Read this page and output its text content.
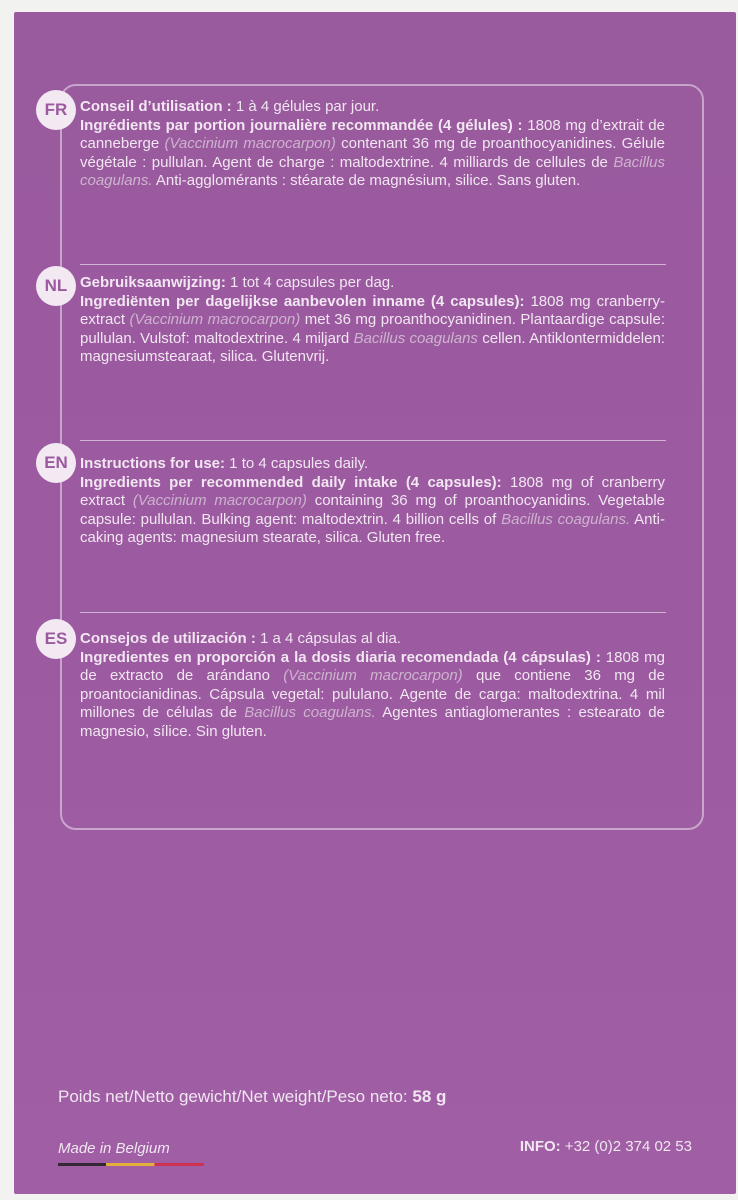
FR Conseil d’utilisation : 1 à 4 gélules par jour.

Ingrédients par portion journalière recommandée (4 gélules) : 1808 mg d’extrait de canneberge (Vaccinium macrocarpon) contenant 36 mg de proanthocyanidines. Gélule végétale : pullulan. Agent de charge : maltodextrine. 4 milliards de cellules de Bacillus coagulans. Anti-agglomérants : stéarate de magnésium, silice. Sans gluten.

NL Gebruiksaanwijzing: 1 tot 4 capsules per dag.

Ingrediënten per dagelijkse aanbevolen inname (4 capsules): 1808 mg cranberry-extract (Vaccinium macrocarpon) met 36 mg proanthocyanidinen. Plantaardige capsule: pullulan. Vulstof: maltodextrine. 4 miljard Bacillus coagulans cellen. Antiklontermiddelen: magnesiumstearaat, silica. Glutenvrij.

EN Instructions for use: 1 to 4 capsules daily.

Ingredients per recommended daily intake (4 capsules): 1808 mg of cranberry extract (Vaccinium macrocarpon) containing 36 mg of proanthocyanidins. Vegetable capsule: pullulan. Bulking agent: maltodextrin. 4 billion cells of Bacillus coagulans. Anti-caking agents: magnesium stearate, silica. Gluten free.

ES Consejos de utilización : 1 a 4 cápsulas al dia.

Ingredientes en proporción a la dosis diaria recomendada (4 cápsulas) : 1808 mg de extracto de arándano (Vaccinium macrocarpon) que contiene 36 mg de proantocianidinas. Cápsula vegetal: pululano. Agente de carga: maltodextrina. 4 mil millones de células de Bacillus coagulans. Agentes antiaglomerantes : estearato de magnesio, sílice. Sin gluten.

Poids net/Netto gewicht/Net weight/Peso neto: 58 g
Made in Belgium	INFO: +32 (0)2 374 02 53
